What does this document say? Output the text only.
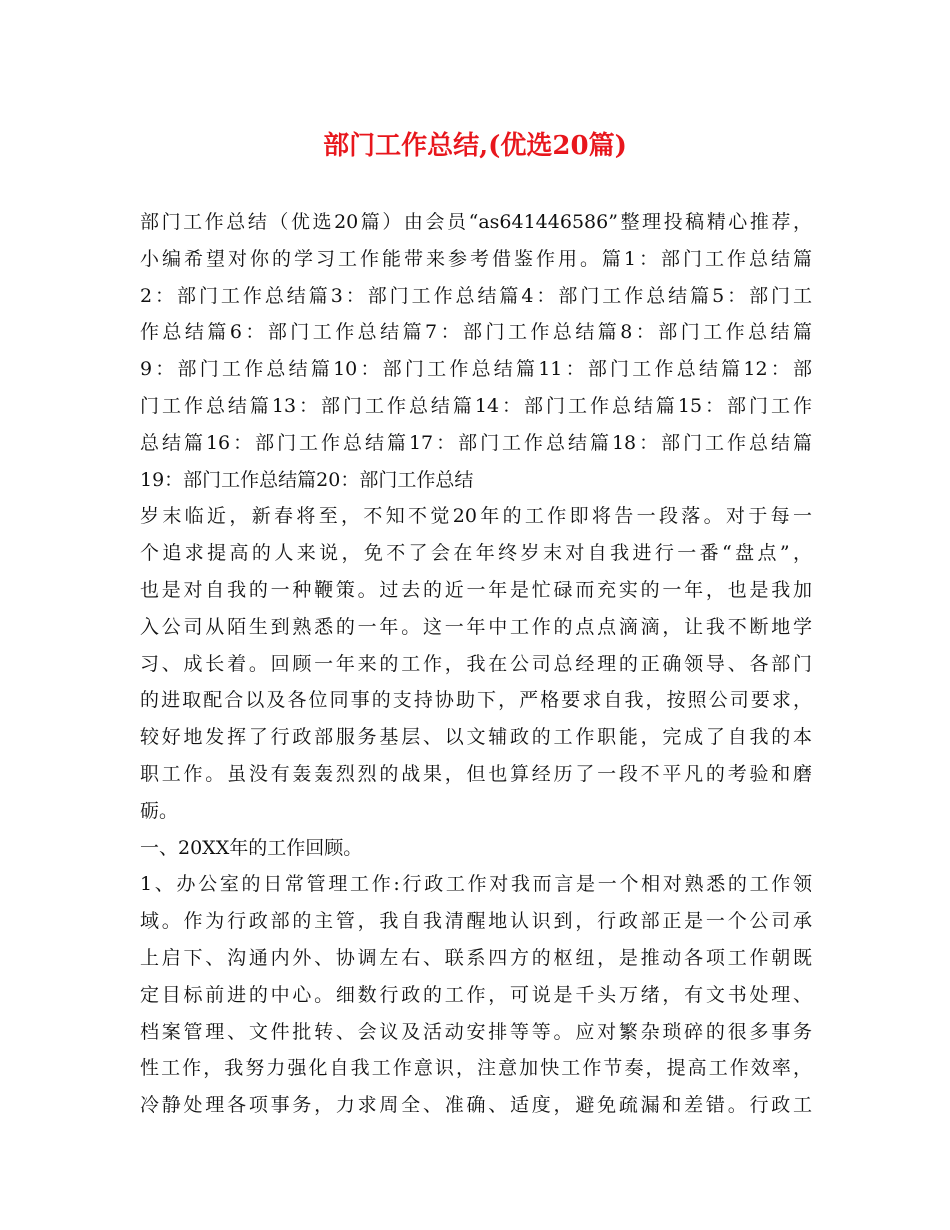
部门工作总结,(优选20篇)

部门工作总结（优选20篇）由会员“as641446586”整理投稿精心推荐，

小编希望对你的学习工作能带来参考借鉴作用。篇1：部门工作总结篇

2：部门工作总结篇3：部门工作总结篇4：部门工作总结篇5：部门工

作总结篇6：部门工作总结篇7：部门工作总结篇8：部门工作总结篇

9：部门工作总结篇10：部门工作总结篇11：部门工作总结篇12：部

门工作总结篇13：部门工作总结篇14：部门工作总结篇15：部门工作

总结篇16：部门工作总结篇17：部门工作总结篇18：部门工作总结篇

19：部门工作总结篇20：部门工作总结

岁末临近，新春将至，不知不觉20年的工作即将告一段落。对于每一

个追求提高的人来说，免不了会在年终岁末对自我进行一番“盘点”，

也是对自我的一种鞭策。过去的近一年是忙碌而充实的一年，也是我加

入公司从陌生到熟悉的一年。这一年中工作的点点滴滴，让我不断地学

习、成长着。回顾一年来的工作，我在公司总经理的正确领导、各部门

的进取配合以及各位同事的支持协助下，严格要求自我，按照公司要求，

较好地发挥了行政部服务基层、以文辅政的工作职能，完成了自我的本

职工作。虽没有轰轰烈烈的战果，但也算经历了一段不平凡的考验和磨

砺。

一、20XX年的工作回顾。

1、办公室的日常管理工作:行政工作对我而言是一个相对熟悉的工作领

域。作为行政部的主管，我自我清醒地认识到，行政部正是一个公司承

上启下、沟通内外、协调左右、联系四方的枢纽，是推动各项工作朝既

定目标前进的中心。细数行政的工作，可说是千头万绪，有文书处理、

档案管理、文件批转、会议及活动安排等等。应对繁杂琐碎的很多事务

性工作，我努力强化自我工作意识，注意加快工作节奏，提高工作效率，

冷静处理各项事务，力求周全、准确、适度，避免疏漏和差错。行政工
